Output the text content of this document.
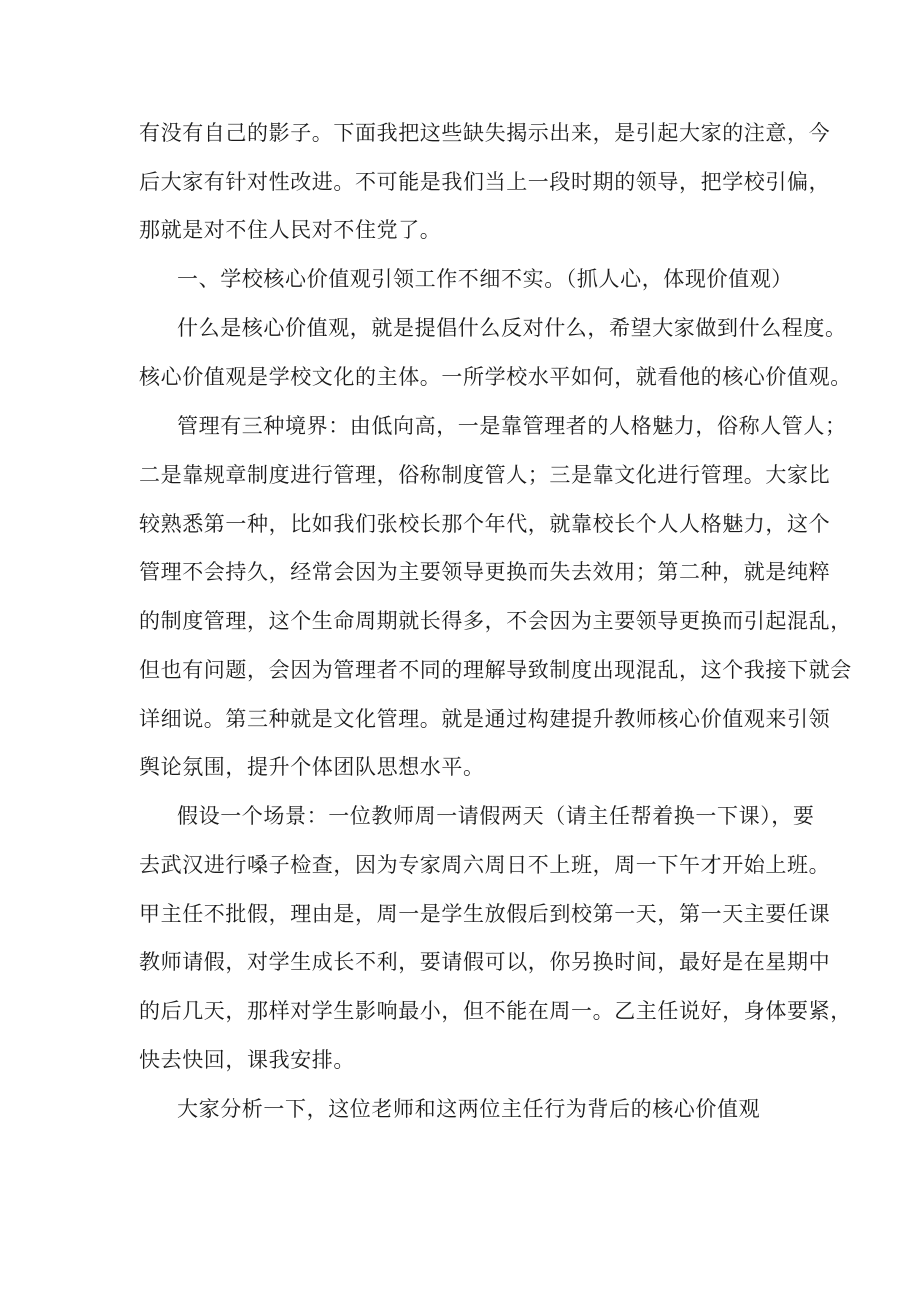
有没有自己的影子。下面我把这些缺失揭示出来，是引起大家的注意，今
后大家有针对性改进。不可能是我们当上一段时期的领导，把学校引偏，
那就是对不住人民对不住党了。
一、学校核心价值观引领工作不细不实。（抓人心，体现价值观）
什么是核心价值观，就是提倡什么反对什么，希望大家做到什么程度。
核心价值观是学校文化的主体。一所学校水平如何，就看他的核心价值观。
管理有三种境界：由低向高，一是靠管理者的人格魅力，俗称人管人；
二是靠规章制度进行管理，俗称制度管人；三是靠文化进行管理。大家比
较熟悉第一种，比如我们张校长那个年代，就靠校长个人人格魅力，这个
管理不会持久，经常会因为主要领导更换而失去效用；第二种，就是纯粹
的制度管理，这个生命周期就长得多，不会因为主要领导更换而引起混乱，
但也有问题，会因为管理者不同的理解导致制度出现混乱，这个我接下就会
详细说。第三种就是文化管理。就是通过构建提升教师核心价值观来引领
舆论氛围，提升个体团队思想水平。
假设一个场景：一位教师周一请假两天（请主任帮着换一下课），要
去武汉进行嗓子检查，因为专家周六周日不上班，周一下午才开始上班。
甲主任不批假，理由是，周一是学生放假后到校第一天，第一天主要任课
教师请假，对学生成长不利，要请假可以，你另换时间，最好是在星期中
的后几天，那样对学生影响最小，但不能在周一。乙主任说好，身体要紧，
快去快回，课我安排。
大家分析一下，这位老师和这两位主任行为背后的核心价值观
